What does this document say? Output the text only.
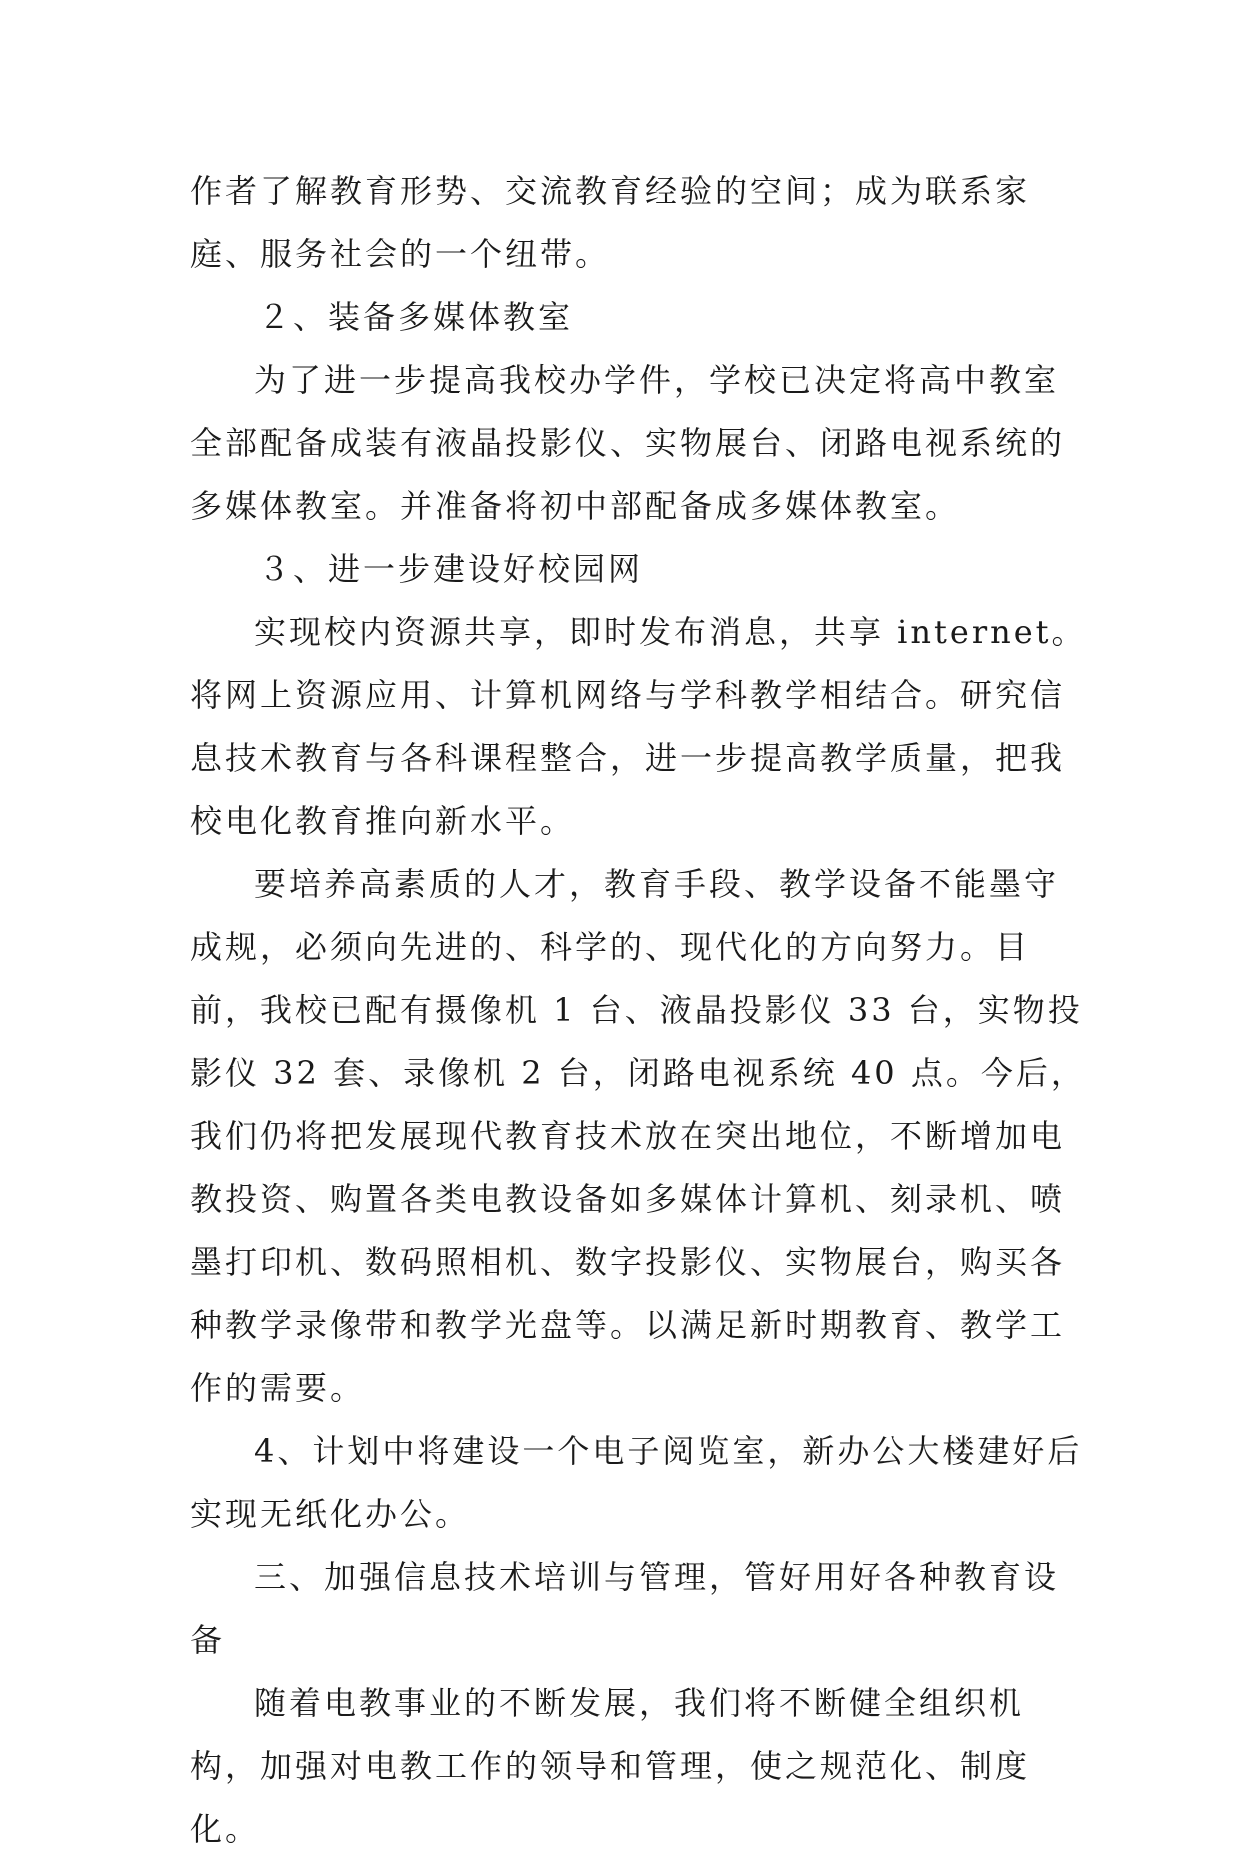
作者了解教育形势、交流教育经验的空间；成为联系家庭、服务社会的一个纽带。

２、装备多媒体教室

为了进一步提高我校办学件，学校已决定将高中教室全部配备成装有液晶投影仪、实物展台、闭路电视系统的多媒体教室。并准备将初中部配备成多媒体教室。

３、进一步建设好校园网

实现校内资源共享，即时发布消息，共享 internet。将网上资源应用、计算机网络与学科教学相结合。研究信息技术教育与各科课程整合，进一步提高教学质量，把我校电化教育推向新水平。

要培养高素质的人才，教育手段、教学设备不能墨守成规，必须向先进的、科学的、现代化的方向努力。目前，我校已配有摄像机 1 台、液晶投影仪 33 台，实物投影仪 32 套、录像机 2 台，闭路电视系统 40 点。今后，我们仍将把发展现代教育技术放在突出地位，不断增加电教投资、购置各类电教设备如多媒体计算机、刻录机、喷墨打印机、数码照相机、数字投影仪、实物展台，购买各种教学录像带和教学光盘等。以满足新时期教育、教学工作的需要。

4、计划中将建设一个电子阅览室，新办公大楼建好后实现无纸化办公。

三、加强信息技术培训与管理，管好用好各种教育设备

随着电教事业的不断发展，我们将不断健全组织机构，加强对电教工作的领导和管理，使之规范化、制度化。
